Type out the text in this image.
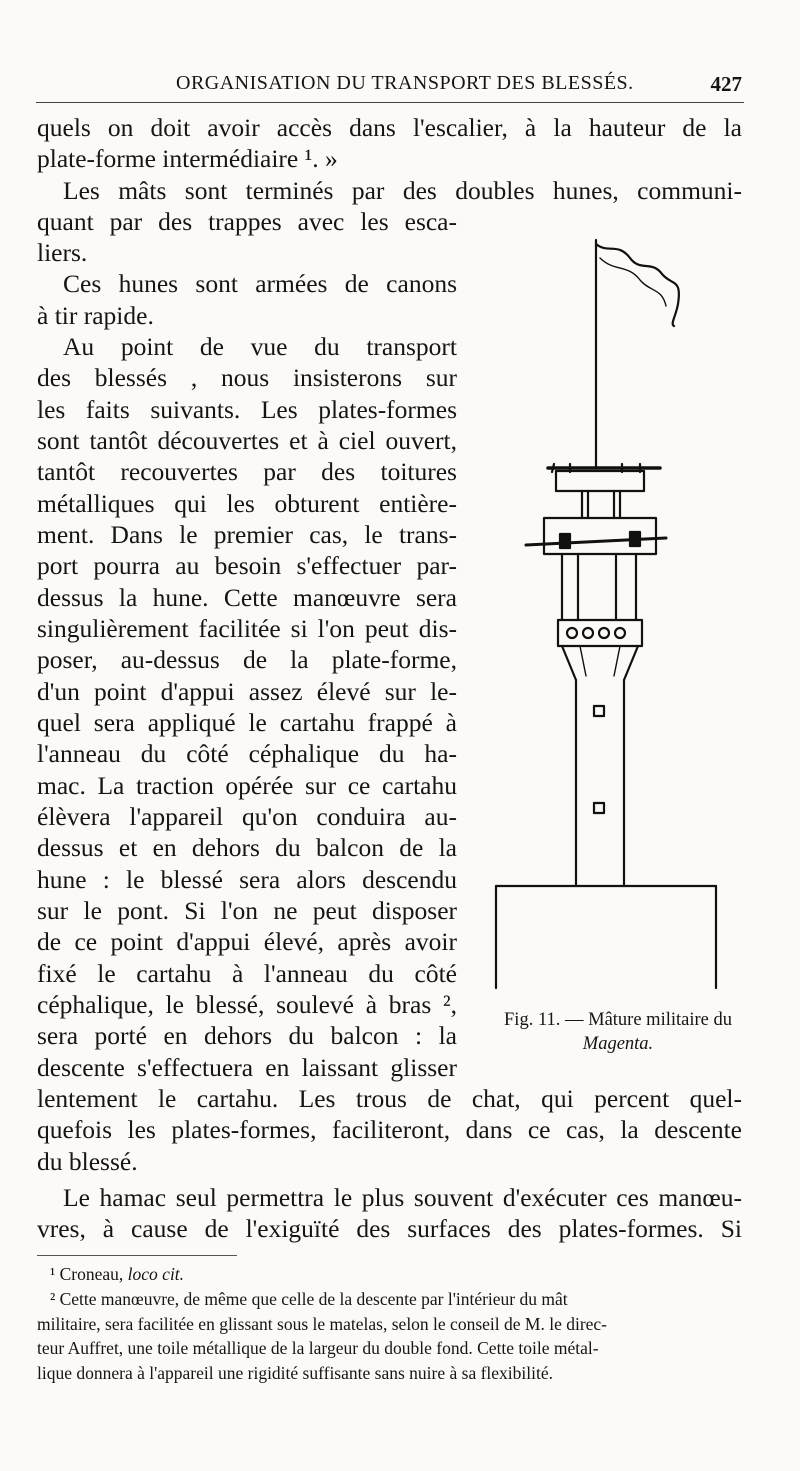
ORGANISATION DU TRANSPORT DES BLESSÉS.	427
quels on doit avoir accès dans l'escalier, à la hauteur de la
plate-forme intermédiaire ¹. »
Les mâts sont terminés par des doubles hunes, communi-
quant par des trappes avec les esca-
liers.
Ces hunes sont armées de canons
à tir rapide.
Au point de vue du transport
des blessés , nous insisterons sur
les faits suivants. Les plates-formes
sont tantôt découvertes et à ciel ouvert,
tantôt recouvertes par des toitures
métalliques qui les obturent entière-
ment. Dans le premier cas, le trans-
port pourra au besoin s'effectuer par-
dessus la hune. Cette manœuvre sera
singulièrement facilitée si l'on peut dis-
poser, au-dessus de la plate-forme,
d'un point d'appui assez élevé sur le-
quel sera appliqué le cartahu frappé à
l'anneau du côté céphalique du ha-
mac. La traction opérée sur ce cartahu
élèvera l'appareil qu'on conduira au-
dessus et en dehors du balcon de la
hune : le blessé sera alors descendu
sur le pont. Si l'on ne peut disposer
de ce point d'appui élevé, après avoir
fixé le cartahu à l'anneau du côté
céphalique, le blessé, soulevé à bras ²,
sera porté en dehors du balcon : la
descente s'effectuera en laissant glisser
lentement le cartahu. Les trous de chat, qui percent quel-
quefois les plates-formes, faciliteront, dans ce cas, la descente
du blessé.
Le hamac seul permettra le plus souvent d'exécuter ces manœu-
vres, à cause de l'exiguïté des surfaces des plates-formes. Si
Fig. 11. — Mâture militaire du
Magenta.
¹ Croneau, loco cit.
² Cette manœuvre, de même que celle de la descente par l'intérieur du mât
militaire, sera facilitée en glissant sous le matelas, selon le conseil de M. le direc-
teur Auffret, une toile métallique de la largeur du double fond. Cette toile métal-
lique donnera à l'appareil une rigidité suffisante sans nuire à sa flexibilité.
